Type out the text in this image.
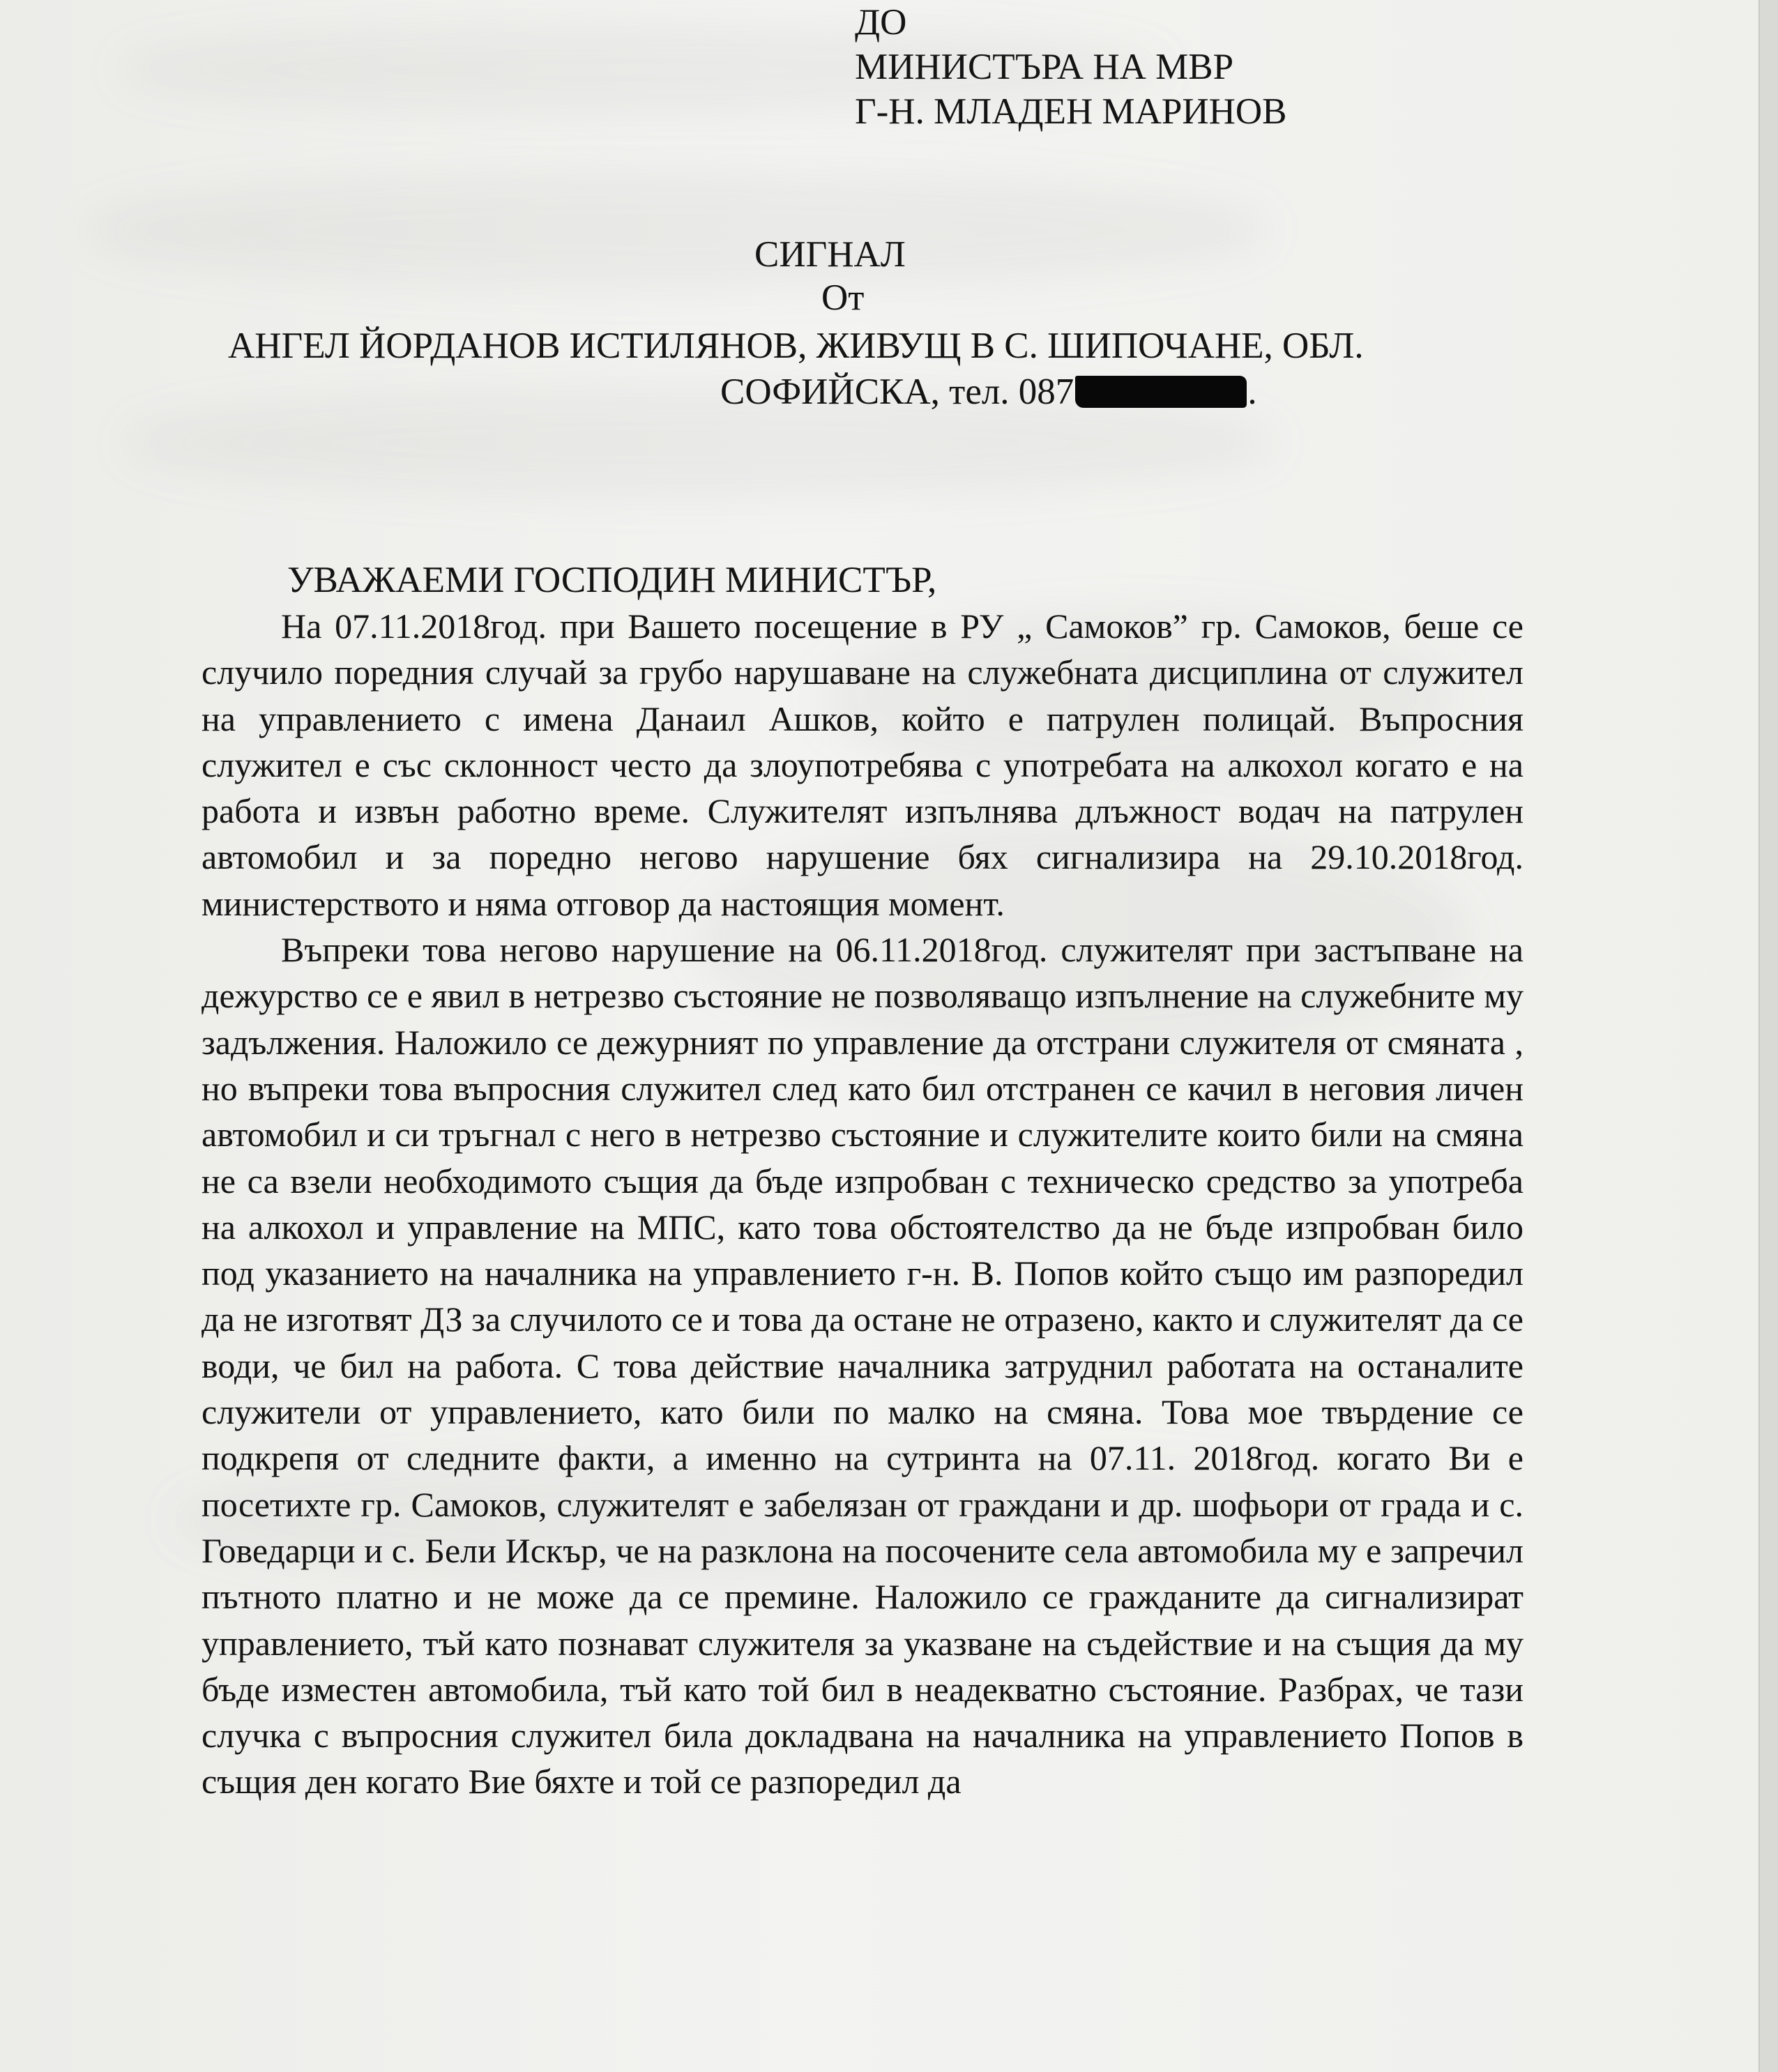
ДО
МИНИСТЪРА НА МВР
Г-Н. МЛАДЕН МАРИНОВ
СИГНАЛ
От
АНГЕЛ ЙОРДАНОВ ИСТИЛЯНОВ, ЖИВУЩ В С. ШИПОЧАНЕ, ОБЛ.
СОФИЙСКА, тел. 087	.
УВАЖАЕМИ ГОСПОДИН МИНИСТЪР,

На 07.11.2018год. при Вашето посещение в РУ „ Самоков” гр. Самоков, беше се случило поредния случай за грубо нарушаване на служебната дисциплина от служител на управлението с имена Данаил Ашков, който е патрулен полицай. Въпросния служител е със склонност често да злоупотребява с употребата на алкохол когато е на работа и извън работно време. Служителят изпълнява длъжност водач на патрулен автомобил и за поредно негово нарушение бях сигнализира на 29.10.2018год. министерството и няма отговор да настоящия момент.

Въпреки това негово нарушение на 06.11.2018год. служителят при застъпване на дежурство се е явил в нетрезво състояние не позволяващо изпълнение на служебните му задължения. Наложило се дежурният по управление да отстрани служителя от смяната , но въпреки това въпросния служител след като бил отстранен се качил в неговия личен автомобил и си тръгнал с него в нетрезво състояние и служителите които били на смяна не са взели необходимото същия да бъде изпробван с техническо средство за употреба на алкохол и управление на МПС, като това обстоятелство да не бъде изпробван било под указанието на началника на управлението г-н. В. Попов който също им разпоредил да не изготвят ДЗ за случилото се и това да остане не отразено, както и служителят да се води, че бил на работа. С това действие началника затруднил работата на останалите служители от управлението, като били по малко на смяна. Това мое твърдение се подкрепя от следните факти, а именно на сутринта на 07.11. 2018год. когато Ви е посетихте гр. Самоков, служителят е забелязан от граждани и др. шофьори от града и с. Говедарци и с. Бели Искър, че на разклона на посочените села автомобила му е запречил пътното платно и не може да се премине. Наложило се гражданите да сигнализират управлението, тъй като познават служителя за указване на съдействие и на същия да му бъде изместен автомобила, тъй като той бил в неадекватно състояние. Разбрах, че тази случка с въпросния служител била докладвана на началника на управлението Попов в същия ден когато Вие бяхте и той се разпоредил да
